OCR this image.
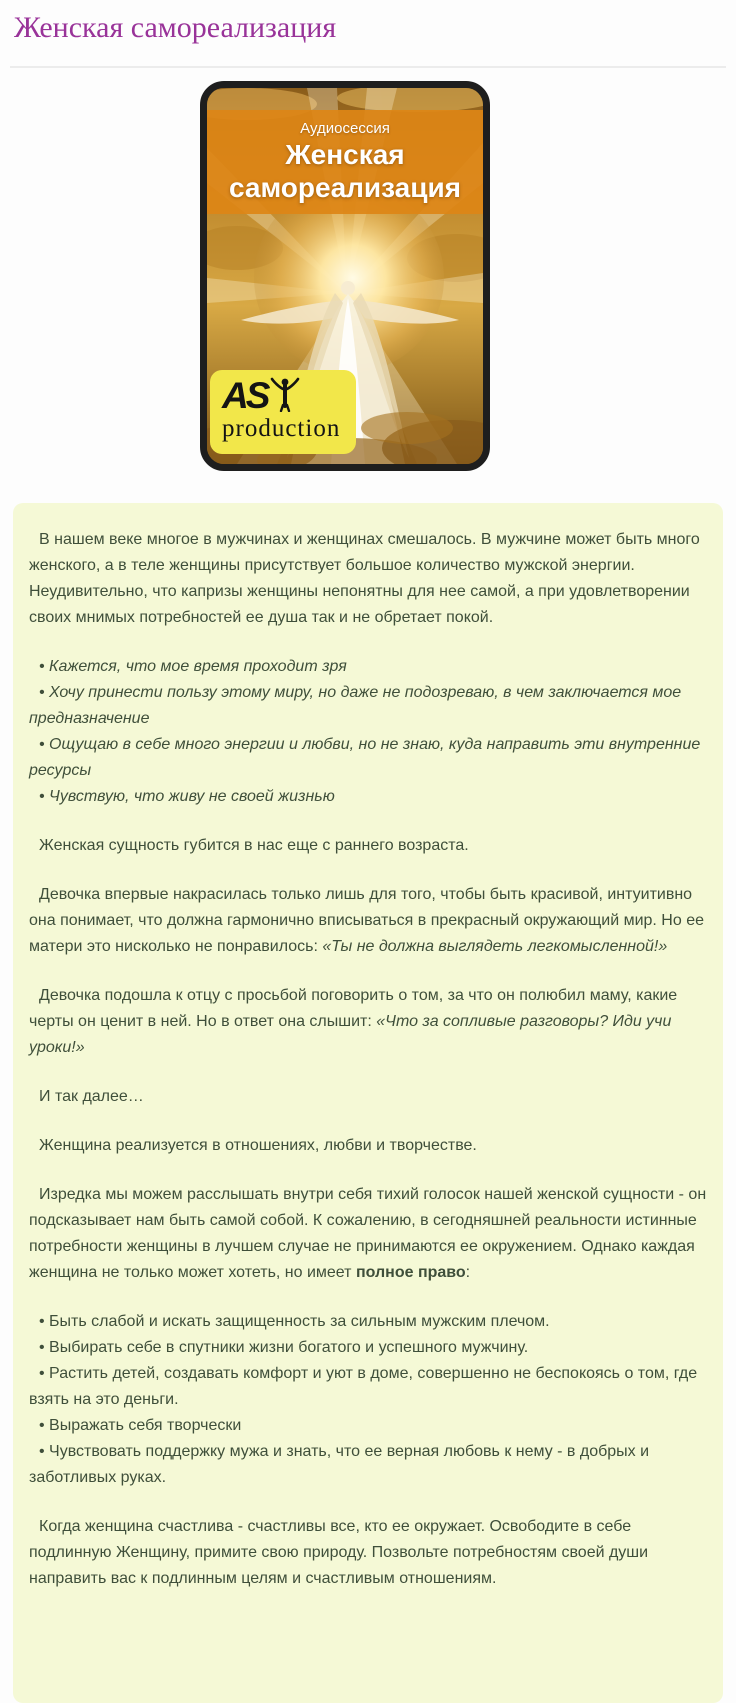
Женская самореализация
Аудиосессия
Женская
самореализация
AS
production
В нашем веке многое в мужчинах и женщинах смешалось. В мужчине может быть много женского, а в теле женщины присутствует большое количество мужской энергии. Неудивительно, что капризы женщины непонятны для нее самой, а при удовлетворении своих мнимых потребностей ее душа так и не обретает покой.
• Кажется, что мое время проходит зря
• Хочу принести пользу этому миру, но даже не подозреваю, в чем заключается мое предназначение
• Ощущаю в себе много энергии и любви, но не знаю, куда направить эти внутренние ресурсы
• Чувствую, что живу не своей жизнью
Женская сущность губится в нас еще с раннего возраста.
Девочка впервые накрасилась только лишь для того, чтобы быть красивой, интуитивно она понимает, что должна гармонично вписываться в прекрасный окружающий мир. Но ее матери это нисколько не понравилось: «Ты не должна выглядеть легкомысленной!»
Девочка подошла к отцу с просьбой поговорить о том, за что он полюбил маму, какие черты он ценит в ней. Но в ответ она слышит: «Что за сопливые разговоры? Иди учи уроки!»
И так далее…
Женщина реализуется в отношениях, любви и творчестве.
Изредка мы можем расслышать внутри себя тихий голосок нашей женской сущности - он подсказывает нам быть самой собой. К сожалению, в сегодняшней реальности истинные потребности женщины в лучшем случае не принимаются ее окружением. Однако каждая женщина не только может хотеть, но имеет полное право:
• Быть слабой и искать защищенность за сильным мужским плечом.
• Выбирать себе в спутники жизни богатого и успешного мужчину.
• Растить детей, создавать комфорт и уют в доме, совершенно не беспокоясь о том, где взять на это деньги.
• Выражать себя творчески
• Чувствовать поддержку мужа и знать, что ее верная любовь к нему - в добрых и заботливых руках.
Когда женщина счастлива - счастливы все, кто ее окружает. Освободите в себе подлинную Женщину, примите свою природу. Позвольте потребностям своей души направить вас к подлинным целям и счастливым отношениям.
